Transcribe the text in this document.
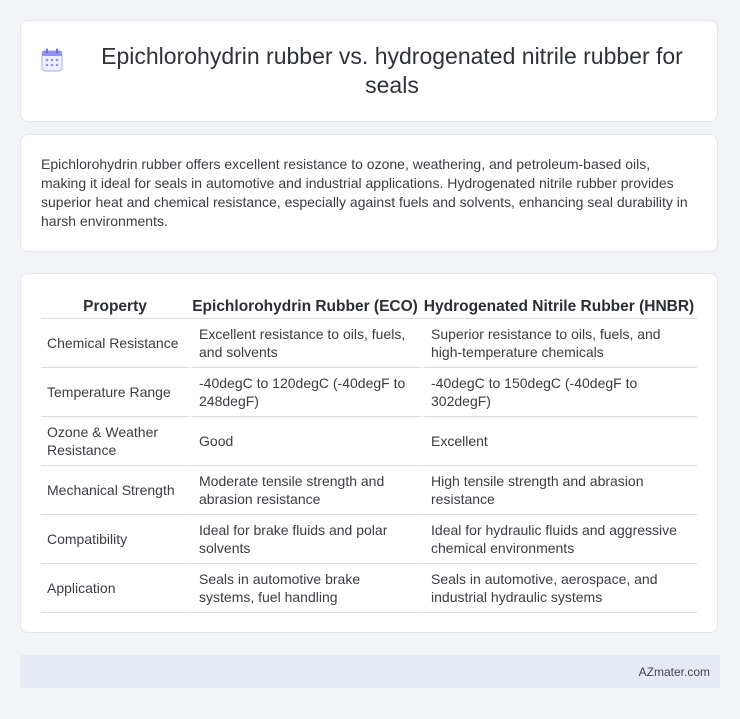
Epichlorohydrin rubber vs. hydrogenated nitrile rubber for seals

Epichlorohydrin rubber offers excellent resistance to ozone, weathering, and petroleum-based oils, making it ideal for seals in automotive and industrial applications. Hydrogenated nitrile rubber provides superior heat and chemical resistance, especially against fuels and solvents, enhancing seal durability in harsh environments.

Property	Epichlorohydrin Rubber (ECO)	Hydrogenated Nitrile Rubber (HNBR)
Chemical Resistance	Excellent resistance to oils, fuels, and solvents	Superior resistance to oils, fuels, and high-temperature chemicals
Temperature Range	-40degC to 120degC (-40degF to 248degF)	-40degC to 150degC (-40degF to 302degF)
Ozone & Weather Resistance	Good	Excellent
Mechanical Strength	Moderate tensile strength and abrasion resistance	High tensile strength and abrasion resistance
Compatibility	Ideal for brake fluids and polar solvents	Ideal for hydraulic fluids and aggressive chemical environments
Application	Seals in automotive brake systems, fuel handling	Seals in automotive, aerospace, and industrial hydraulic systems
AZmater.com
